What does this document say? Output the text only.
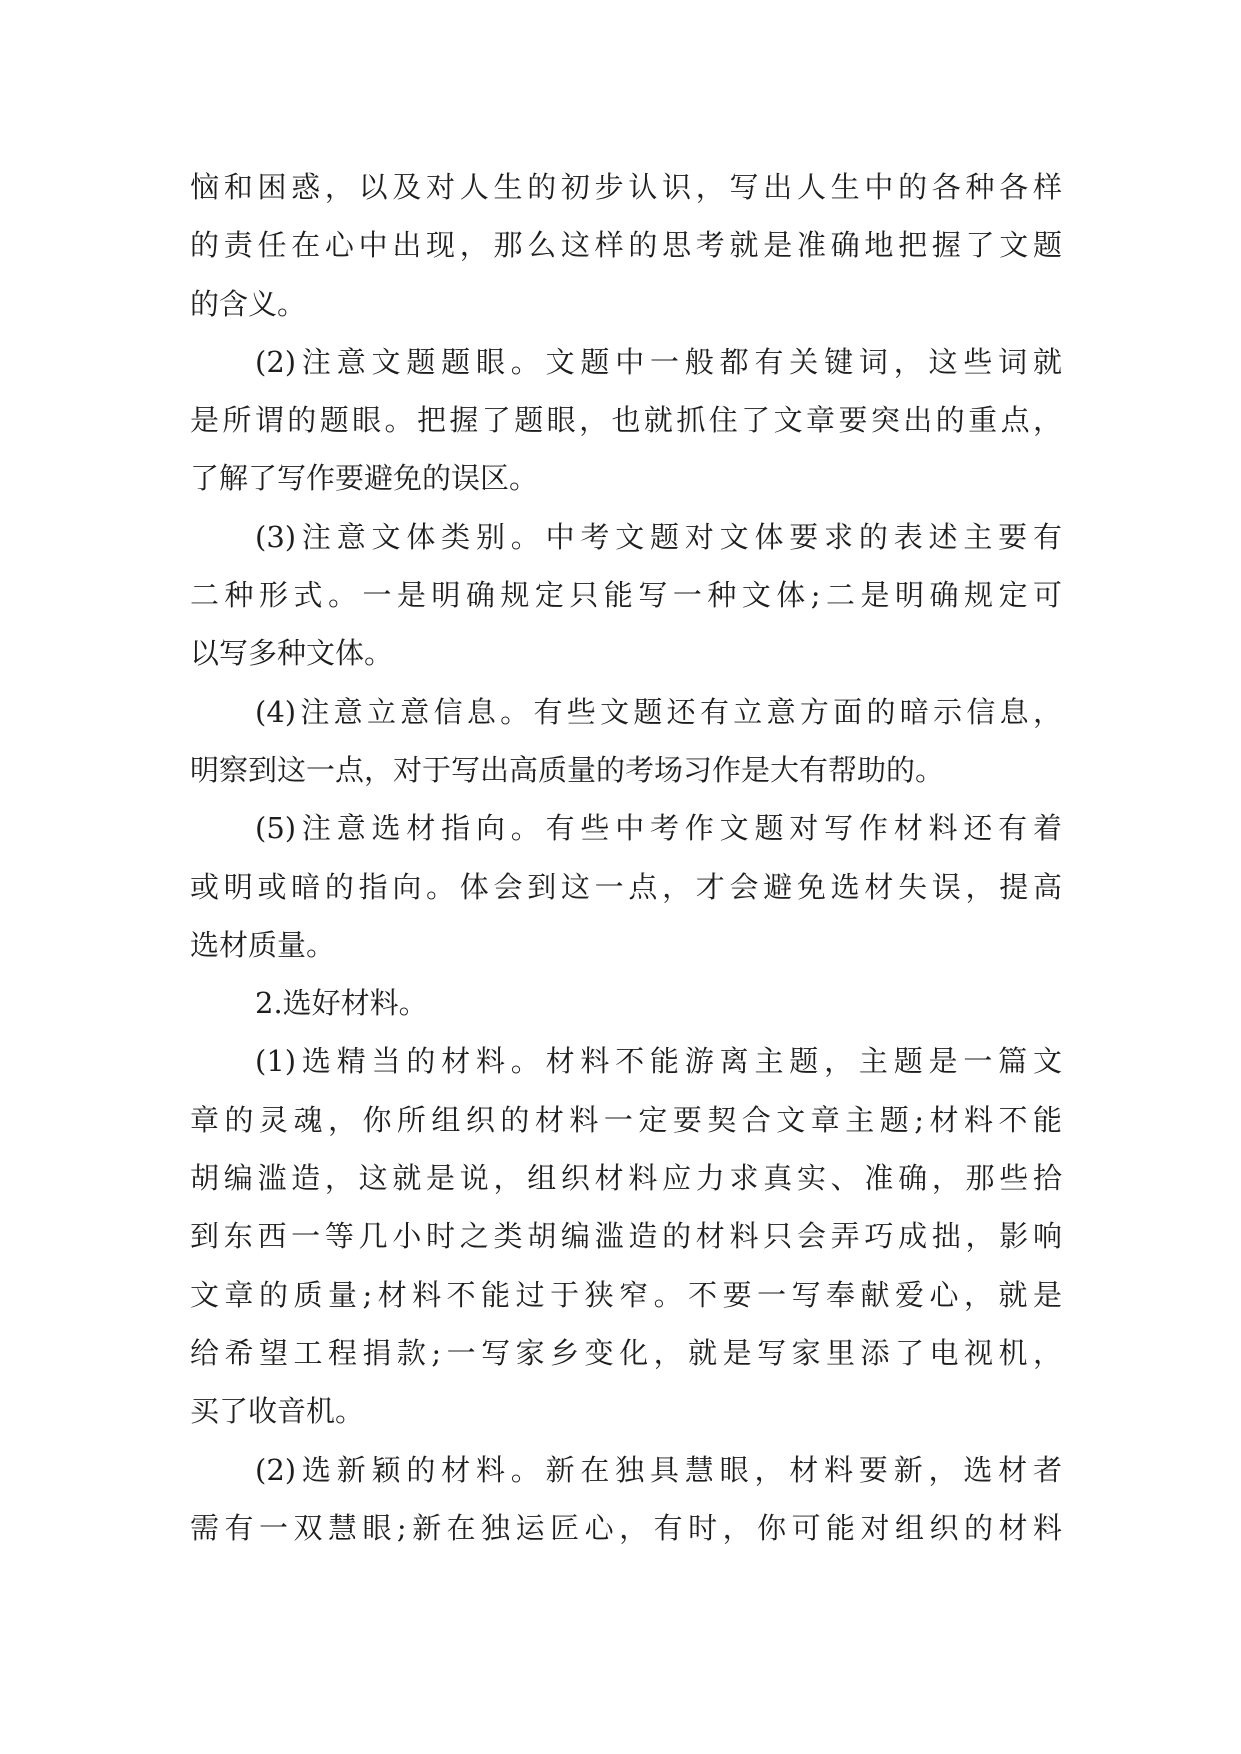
恼和困惑，以及对人生的初步认识，写出人生中的各种各样
的责任在心中出现，那么这样的思考就是准确地把握了文题
的含义。
(2)注意文题题眼。文题中一般都有关键词，这些词就
是所谓的题眼。把握了题眼，也就抓住了文章要突出的重点，
了解了写作要避免的误区。
(3)注意文体类别。中考文题对文体要求的表述主要有
二种形式。一是明确规定只能写一种文体;二是明确规定可
以写多种文体。
(4)注意立意信息。有些文题还有立意方面的暗示信息，
明察到这一点，对于写出高质量的考场习作是大有帮助的。
(5)注意选材指向。有些中考作文题对写作材料还有着
或明或暗的指向。体会到这一点，才会避免选材失误，提高
选材质量。
2.选好材料。
(1)选精当的材料。材料不能游离主题，主题是一篇文
章的灵魂，你所组织的材料一定要契合文章主题;材料不能
胡编滥造，这就是说，组织材料应力求真实、准确，那些拾
到东西一等几小时之类胡编滥造的材料只会弄巧成拙，影响
文章的质量;材料不能过于狭窄。不要一写奉献爱心，就是
给希望工程捐款;一写家乡变化，就是写家里添了电视机，
买了收音机。
(2)选新颖的材料。新在独具慧眼，材料要新，选材者
需有一双慧眼;新在独运匠心，有时，你可能对组织的材料
